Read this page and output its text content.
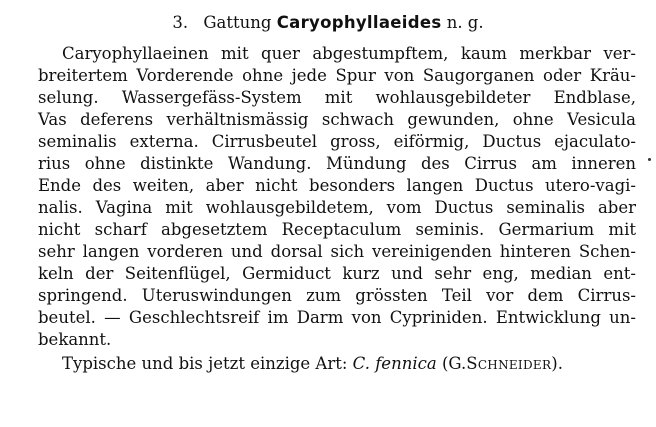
3. Gattung Caryophyllaeides n. g.
Caryophyllaeinen mit quer abgestumpftem, kaum merkbar ver-
breitertem Vorderende ohne jede Spur von Saugorganen oder Kräu-
selung. Wassergefäss-System mit wohlausgebildeter Endblase,
Vas deferens verhältnismässig schwach gewunden, ohne Vesicula
seminalis externa. Cirrusbeutel gross, eiförmig, Ductus ejaculato-
rius ohne distinkte Wandung. Mündung des Cirrus am inneren
Ende des weiten, aber nicht besonders langen Ductus utero-vagi-
nalis. Vagina mit wohlausgebildetem, vom Ductus seminalis aber
nicht scharf abgesetztem Receptaculum seminis. Germarium mit
sehr langen vorderen und dorsal sich vereinigenden hinteren Schen-
keln der Seitenflügel, Germiduct kurz und sehr eng, median ent-
springend. Uteruswindungen zum grössten Teil vor dem Cirrus-
beutel. — Geschlechtsreif im Darm von Cypriniden. Entwicklung un-
bekannt.
Typische und bis jetzt einzige Art: C. fennica (G.Schneider).
